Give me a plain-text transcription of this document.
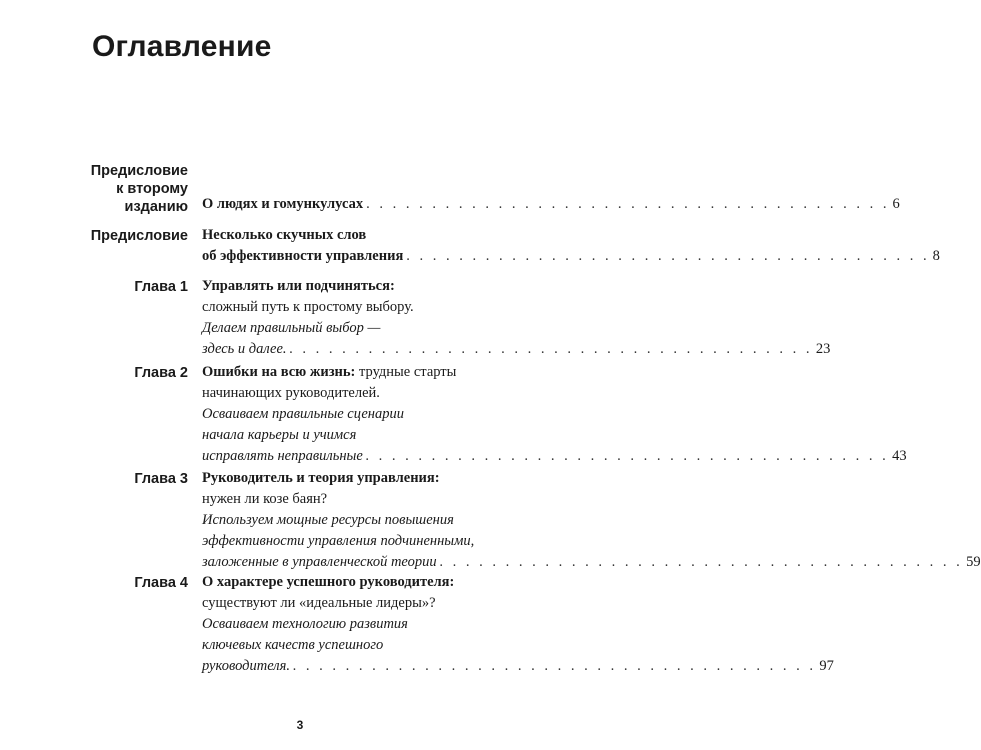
Оглавление
Предисловие
к второму
изданию О людях и гомункулусах . . . . . . . . . . . . . . . . . . . . . . . . . . . . . . . . . . . . . . . . 6
Предисловие Несколько скучных слов
об эффективности управления . . . . . . . . . . . . . . . . . . . . . . . . . . . . . . . . . . . . . . . . 8
Глава 1 Управлять или подчиняться:
сложный путь к простому выбору.
Делаем правильный выбор —
здесь и далее. . . . . . . . . . . . . . . . . . . . . . . . . . . . . . . . . . . . . . . . . 23
Глава 2 Ошибки на всю жизнь: трудные старты
начинающих руководителей.
Осваиваем правильные сценарии
начала карьеры и учимся
исправлять неправильные . . . . . . . . . . . . . . . . . . . . . . . . . . . . . . . . . . . . . . . . 43
Глава 3 Руководитель и теория управления:
нужен ли козе баян?
Используем мощные ресурсы повышения
эффективности управления подчиненными,
заложенные в управленческой теории . . . . . . . . . . . . . . . . . . . . . . . . . . . . . . . . . . . . . . . . 59
Глава 4 О характере успешного руководителя:
существуют ли «идеальные лидеры»?
Осваиваем технологию развития
ключевых качеств успешного
руководителя. . . . . . . . . . . . . . . . . . . . . . . . . . . . . . . . . . . . . . . . . 97
3
